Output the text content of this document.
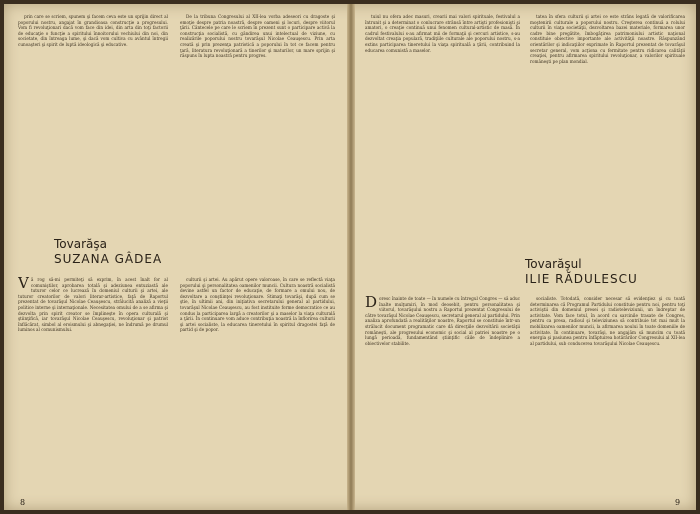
prin care se scriem, spunem şi facem ceva este un sprijin direct al poporului nostru, angajat în grandioasa construcţie a progresului. Vom fi revoluţionari dacă vom face din idei, din arta din toţi factorii de educaţie o funcţie a spiritului înnoitorului vechiului din noi, din societate, din întreaga lume, şi dacă vom cultiva cu avântul întregii cunoaşteri şi spirit de luptă ideologică şi educative.

De la tribuna Congresului al XII-lea vorba adeseori cu dragoste şi emoţie despre patria noastră, despre oameni şi locuri, despre viitorul ţării. Cântecele pe care le scriem în prezent sunt o participare activă la construcţia socialistă, cu gândirea unui intelectual de viziune, cu realizările poporului nostru tovarăşul Nicolae Ceauşescu. Prin arta creată şi prin prezenţa patriotică a poporului în tot ce facem pentru ţară, literatura revoluţionară a tinerilor şi maturilor, un mare sprijin şi răspuns în lupta noastră pentru progres.

Tovarăşa
SUZANA GÂDEA

Vă rog să-mi permiteţi să exprim, în acest înalt for al comuniştilor, aprobarea totală şi adeziunea entuziastă ale tuturor celor ce lucrează în domeniul culturii şi artei, ale tuturor creatorilor de valori literar-artistice, faţă de Raportul prezentat de tovarăşul Nicolae Ceauşescu, strălucită analiză a vieţii politice interne şi internaţionale. Necesitatea omului de a se afirma şi dezvolta prin spirit creator se împlineşte în opera culturală şi ştiinţifică, iar tovarăşul Nicolae Ceauşescu, revoluţionar şi patriot înflăcărat, simbol al eroismului şi abnegaţiei, ne îndrumă pe drumul luminos al comunismului.

culturii şi artei. Au apărut opere valoroase, în care se reflectă viaţa poporului şi personalitatea oamenilor muncii. Cultura noastră socialistă devine astfel un factor de educaţie, de formare a omului nou, de dezvoltare a conştiinţei revoluţionare. Stimaţi tovarăşi, după cum se ştie, în ultimii ani, din iniţiativa secretarului general al partidului, tovarăşul Nicolae Ceauşescu, au fost instituite forme democratice ce au condus la participarea largă a creatorilor şi a maselor la viaţa culturală a ţării. În continuare vom aduce contribuţia noastră la înflorirea culturii şi artei socialiste, la educarea tineretului în spiritul dragostei faţă de partid şi de popor.

8

tuiul nu ofera adec masuri, crearii mai valori spirituale, festivalul a întrunit şi a determinat o conlucrare strânsă între artişti profesionişti şi amatori, o creaţie continuă unui fenomen cultural-artistic de masă. În cadrul festivalului s-au afirmat mii de formaţii şi cercuri artistice, s-au dezvoltat creaţia populară, tradiţiile culturale ale poporului nostru, s-a extins participarea tineretului la viaţa spirituală a ţării, contribuind la educarea comunistă a maselor.

tatea în sfera culturii şi artei ce este strâns legată de valorificarea moştenirii culturale a poporului nostru. Creşterea continuă a rolului culturii în viaţa societăţii, dezvoltarea bazei materiale, formarea unor cadre bine pregătite, îmbogăţirea patrimoniului artistic naţional constituie obiective importante ale activităţii noastre. Răspunzând orientărilor şi indicaţiilor exprimate în Raportul prezentat de tovarăşul secretar general, vom acţiona cu fermitate pentru ridicarea calităţii creaţiei, pentru afirmarea spiritului revoluţionar, a valorilor spirituale româneşti pe plan mondial.

Tovarăşul
ILIE RĂDULESCU

Doresc înainte de toate — în numele cu întregul Congres — să aduc înalte mulţumiri, în mod deosebit, pentru personalitatea şi viitorul, tovarăşului nostru a Raportul prezentat Congresului de către tovarăşul Nicolae Ceauşescu, secretarul general al partidului. Prin analiza aprofundată a realităţilor noastre, Raportul se constituie într-un strălucit document programatic care dă direcţiile dezvoltării societăţii româneşti, ale progresului economic şi social al patriei noastre pe o lungă perioadă, fundamentând ştiinţific căile de îndeplinire a obiectivelor stabilite.

socialiste. Totodată, consider necesar să evidenţiez şi cu toată determinarea că Programul Partidului constituie pentru noi, pentru toţi activiştii din domeniul presei şi radioteleviziunii, un îndreptar de activitate. Vom face totul, în acord cu sarcinile trasate de Congres, pentru ca presa, radioul şi televiziunea să contribuie tot mai mult la mobilizarea oamenilor muncii, la afirmarea noului în toate domeniile de activitate. În continuare, tovarăşi, ne angajăm să muncim cu toată energia şi pasiunea pentru înfăptuirea hotărârilor Congresului al XII-lea al partidului, sub conducerea tovarăşului Nicolae Ceauşescu.

9
